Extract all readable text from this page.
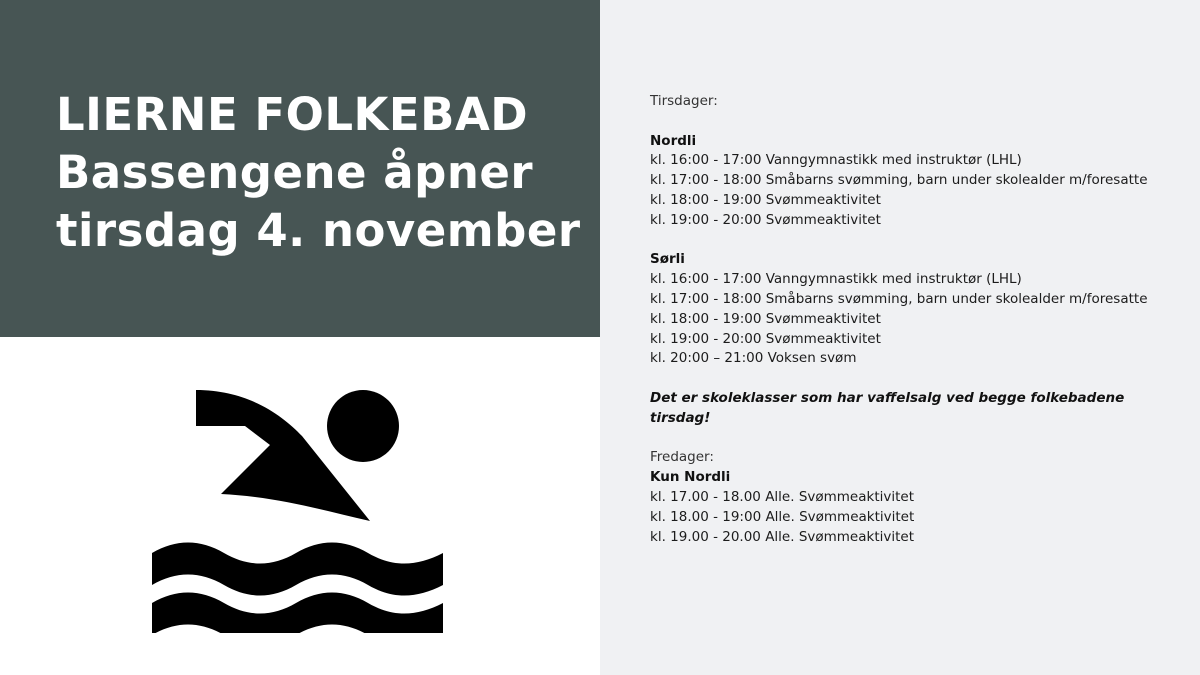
LIERNE FOLKEBAD
Bassengene åpner
tirsdag 4. november
Tirsdager:
Nordli
kl. 16:00 - 17:00 Vanngymnastikk med instruktør (LHL)
kl. 17:00 - 18:00 Småbarns svømming, barn under skolealder m/foresatte
kl. 18:00 - 19:00 Svømmeaktivitet
kl. 19:00 - 20:00 Svømmeaktivitet
Sørli
kl. 16:00 - 17:00 Vanngymnastikk med instruktør (LHL)
kl. 17:00 - 18:00 Småbarns svømming, barn under skolealder m/foresatte
kl. 18:00 - 19:00 Svømmeaktivitet
kl. 19:00 - 20:00 Svømmeaktivitet
kl. 20:00 – 21:00 Voksen svøm
Det er skoleklasser som har vaffelsalg ved begge folkebadene tirsdag!
Fredager:
Kun Nordli
kl. 17.00 - 18.00 Alle. Svømmeaktivitet
kl. 18.00 - 19:00 Alle. Svømmeaktivitet
kl. 19.00 - 20.00 Alle. Svømmeaktivitet
